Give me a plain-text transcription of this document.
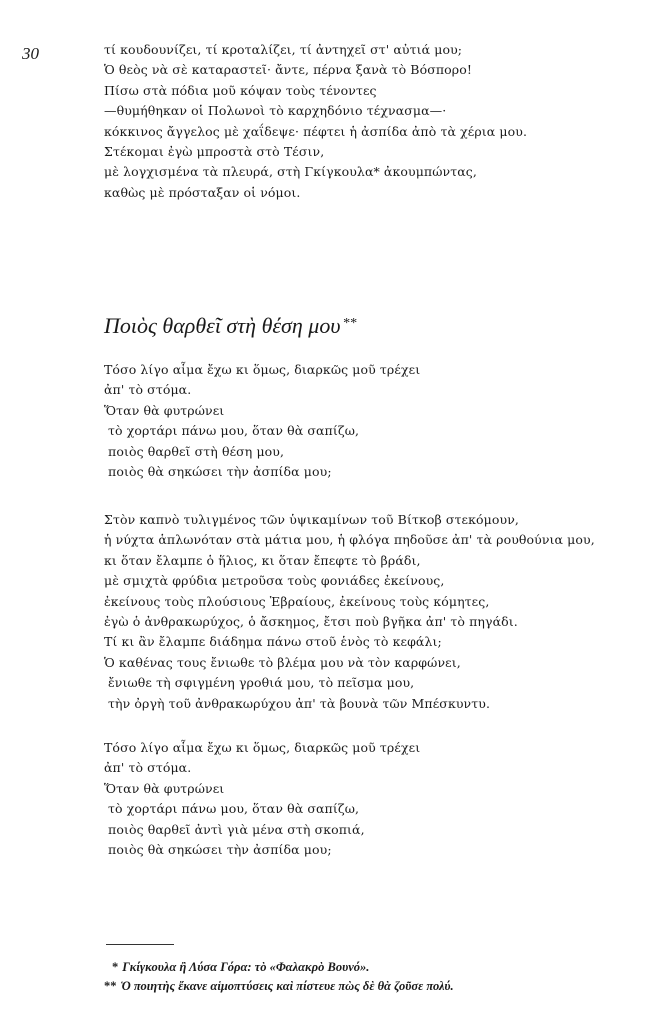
30	τί κουδουνίζει, τί κροταλίζει, τί ἀντηχεῖ στ' αὐτιά μου;
Ὁ θεὸς νὰ σὲ καταραστεῖ· ἄντε, πέρνα ξανὰ τὸ Βόσπορο!
Πίσω στὰ πόδια μοῦ κόψαν τοὺς τένοντες
—θυμήθηκαν οἱ Πολωνοὶ τὸ καρχηδόνιο τέχνασμα—·
κόκκινος ἄγγελος μὲ χαΐδεψε· πέφτει ἡ ἀσπίδα ἀπὸ τὰ χέρια μου.
Στέκομαι ἐγὼ μπροστὰ στὸ Τέσιν,
μὲ λογχισμένα τὰ πλευρά, στὴ Γκίγκουλα* ἀκουμπώντας,
καθὼς μὲ πρόσταξαν οἱ νόμοι.
Ποιὸς θαρθεῖ στὴ θέση μου **
Τόσο λίγο αἷμα ἔχω κι ὅμως, διαρκῶς μοῦ τρέχει
ἀπ' τὸ στόμα.
Ὅταν θὰ φυτρώνει
τὸ χορτάρι πάνω μου, ὅταν θὰ σαπίζω,
ποιὸς θαρθεῖ στὴ θέση μου,
ποιὸς θὰ σηκώσει τὴν ἀσπίδα μου;
Στὸν καπνὸ τυλιγμένος τῶν ὑψικαμίνων τοῦ Βίτκοβ στεκόμουν,
ἡ νύχτα ἁπλωνόταν στὰ μάτια μου, ἡ φλόγα πηδοῦσε ἀπ' τὰ ρουθούνια μου,
κι ὅταν ἔλαμπε ὁ ἥλιος, κι ὅταν ἔπεφτε τὸ βράδι,
μὲ σμιχτὰ φρύδια μετροῦσα τοὺς φονιάδες ἐκείνους,
ἐκείνους τοὺς πλούσιους Ἑβραίους, ἐκείνους τοὺς κόμητες,
ἐγὼ ὁ ἀνθρακωρύχος, ὁ ἄσκημος, ἔτσι ποὺ βγῆκα ἀπ' τὸ πηγάδι.
Τί κι ἂν ἔλαμπε διάδημα πάνω στοῦ ἑνὸς τὸ κεφάλι;
Ὁ καθένας τους ἔνιωθε τὸ βλέμα μου νὰ τὸν καρφώνει,
ἔνιωθε τὴ σφιγμένη γροθιά μου, τὸ πεῖσμα μου,
τὴν ὀργὴ τοῦ ἀνθρακωρύχου ἀπ' τὰ βουνὰ τῶν Μπέσκυντυ.
Τόσο λίγο αἷμα ἔχω κι ὅμως, διαρκῶς μοῦ τρέχει
ἀπ' τὸ στόμα.
Ὅταν θὰ φυτρώνει
τὸ χορτάρι πάνω μου, ὅταν θὰ σαπίζω,
ποιὸς θαρθεῖ ἀντὶ γιὰ μένα στὴ σκοπιά,
ποιὸς θὰ σηκώσει τὴν ἀσπίδα μου;
* Γκίγκουλα ἢ Λύσα Γόρα: τὸ «Φαλακρὸ Βουνό».
** Ὁ ποιητὴς ἔκανε αἱμοπτύσεις καὶ πίστευε πὼς δὲ θὰ ζοῦσε πολύ.
